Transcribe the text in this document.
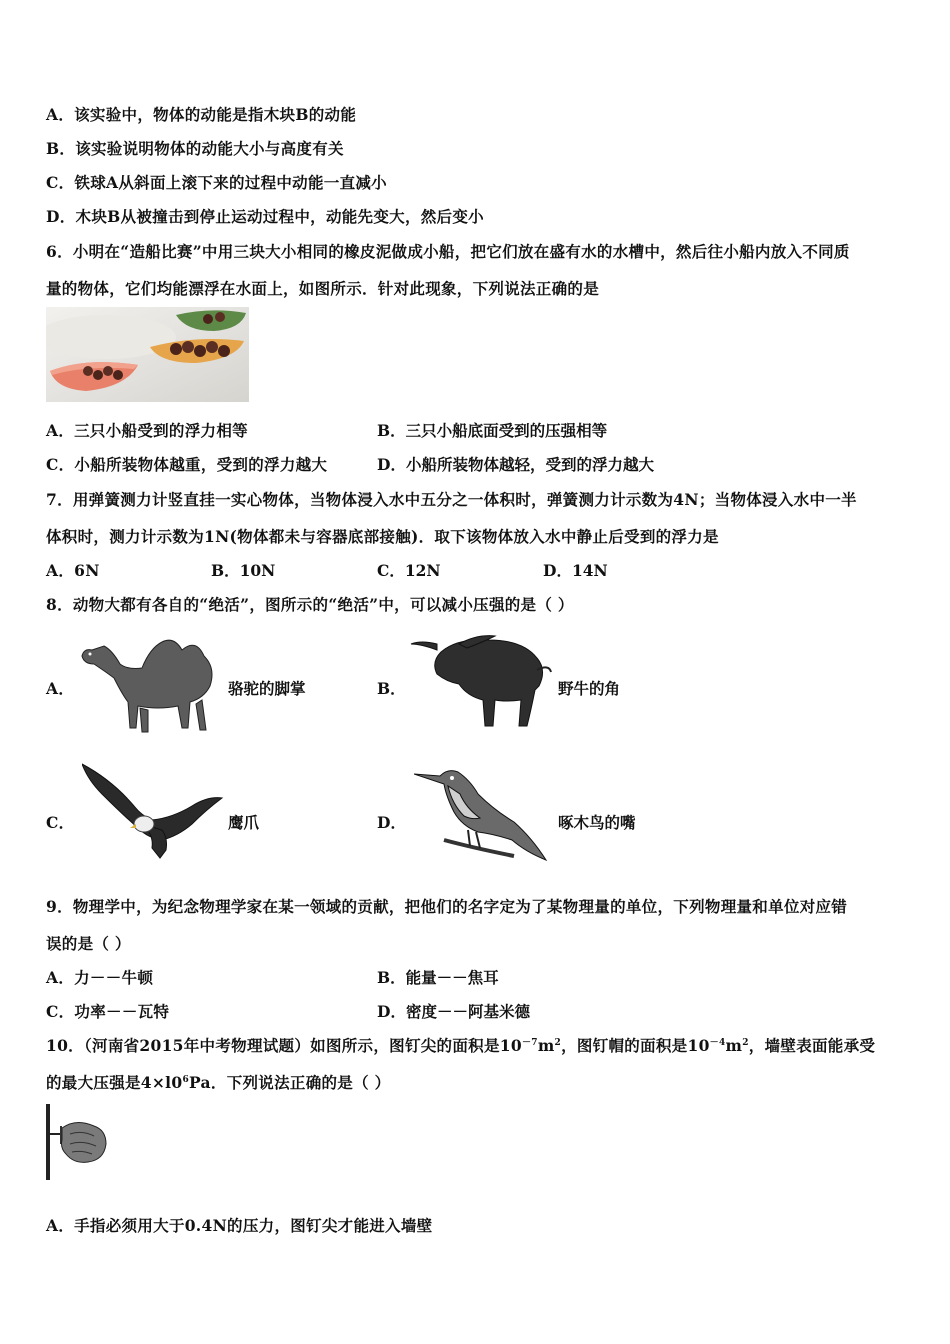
A．该实验中，物体的动能是指木块B的动能
B．该实验说明物体的动能大小与高度有关
C．铁球A从斜面上滚下来的过程中动能一直减小
D．木块B从被撞击到停止运动过程中，动能先变大，然后变小
6．小明在“造船比赛”中用三块大小相同的橡皮泥做成小船，把它们放在盛有水的水槽中，然后往小船内放入不同质
量的物体，它们均能漂浮在水面上，如图所示．针对此现象，下列说法正确的是
A．三只小船受到的浮力相等	B．三只小船底面受到的压强相等
C．小船所装物体越重，受到的浮力越大	D．小船所装物体越轻，受到的浮力越大
7．用弹簧测力计竖直挂一实心物体，当物体浸入水中五分之一体积时，弹簧测力计示数为4N；当物体浸入水中一半
体积时，测力计示数为1N(物体都未与容器底部接触)．取下该物体放入水中静止后受到的浮力是
A．6N	B．10N	C．12N	D．14N
8．动物大都有各自的“绝活”，图所示的“绝活”中，可以减小压强的是（ ）
A．	骆驼的脚掌	B．	野牛的角
C．	鹰爪	D．	啄木鸟的嘴
9．物理学中，为纪念物理学家在某一领域的贡献，把他们的名字定为了某物理量的单位，下列物理量和单位对应错
误的是（ ）
A．力－－牛顿	B．能量－－焦耳
C．功率－－瓦特	D．密度－－阿基米德
10．（河南省2015年中考物理试题）如图所示，图钉尖的面积是$10^{-7}m^2$，图钉帽的面积是$10^{-4}m^2$，墙壁表面能承受
的最大压强是$4\times l0^6Pa$．下列说法正确的是（ ）
A．手指必须用大于0.4N的压力，图钉尖才能进入墙壁
